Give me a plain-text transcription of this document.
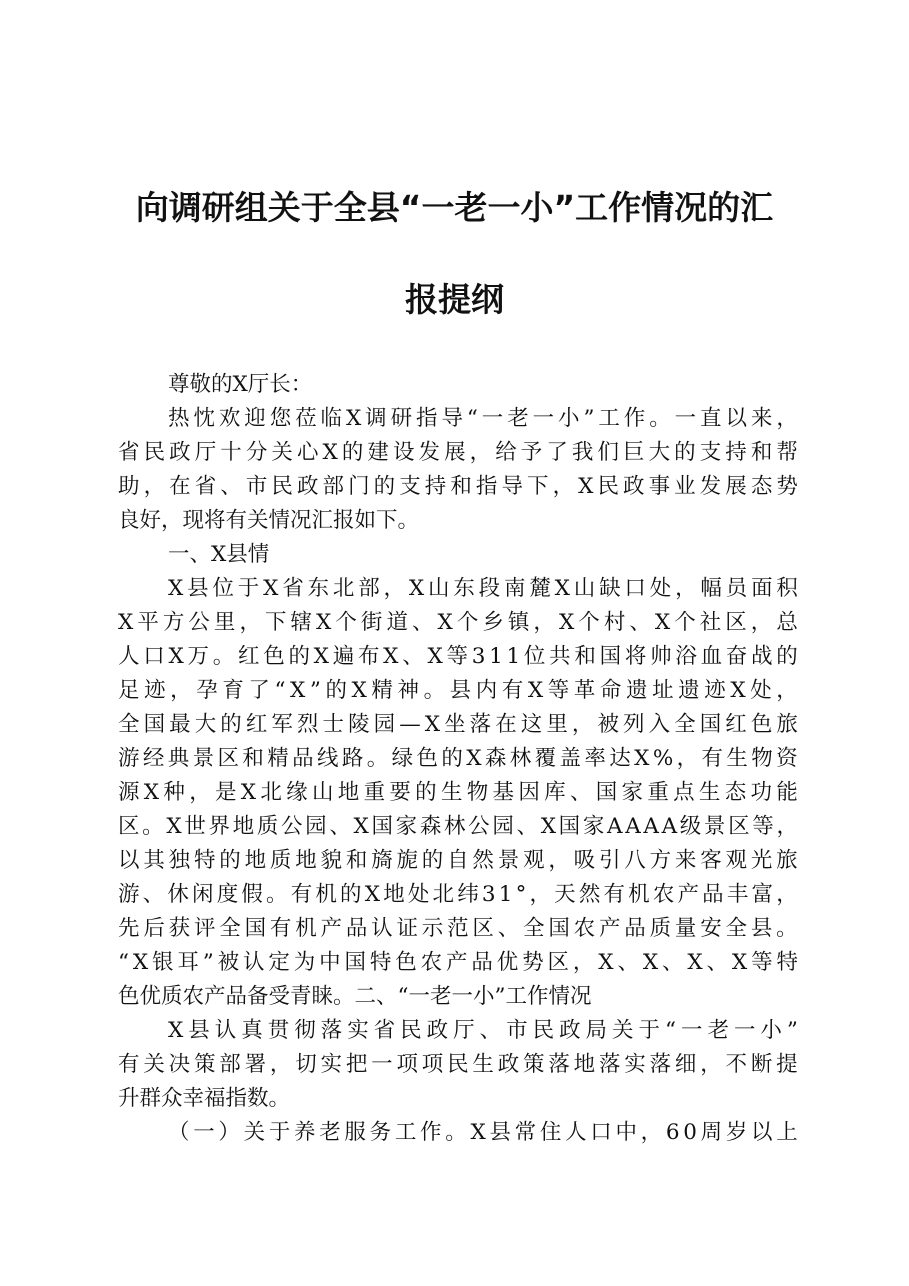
向调研组关于全县“一老一小”工作情况的汇
报提纲
尊敬的X厅长：
热 忱 欢 迎 您 莅 临 X 调 研 指 导 “ 一 老 一 小 ” 工 作 。 一 直 以 来 ，
省 民 政 厅 十 分 关 心 X 的 建 设 发 展 ， 给 予 了 我 们 巨 大 的 支 持 和 帮
助 ， 在 省 、 市 民 政 部 门 的 支 持 和 指 导 下 ， X 民 政 事 业 发 展 态 势
良好，现将有关情况汇报如下。
一、X县情
X 县 位 于 X 省 东 北 部 ， X 山 东 段 南 麓 X 山 缺 口 处 ， 幅 员 面 积
X 平 方 公 里 ， 下 辖 X 个 街 道 、 X 个 乡 镇 ， X 个 村 、 X 个 社 区 ， 总
人 口 X 万 。 红 色 的 X 遍 布 X 、 X 等 3 1 1 位 共 和 国 将 帅 浴 血 奋 战 的
足 迹 ， 孕 育 了 “ X ” 的 X 精 神 。 县 内 有 X 等 革 命 遗 址 遗 迹 X 处 ，
全 国 最 大 的 红 军 烈 士 陵 园 — X 坐 落 在 这 里 ， 被 列 入 全 国 红 色 旅
游 经 典 景 区 和 精 品 线 路 。 绿 色 的 X 森 林 覆 盖 率 达 X % ， 有 生 物 资
源 X 种 ， 是 X 北 缘 山 地 重 要 的 生 物 基 因 库 、 国 家 重 点 生 态 功 能
区 。 X 世 界 地 质 公 园 、 X 国 家 森 林 公 园 、 X 国 家 A A A A 级 景 区 等 ，
以 其 独 特 的 地 质 地 貌 和 旖 旎 的 自 然 景 观 ， 吸 引 八 方 来 客 观 光 旅
游 、 休 闲 度 假 。 有 机 的 X 地 处 北 纬 3 1 ° ， 天 然 有 机 农 产 品 丰 富 ，
先 后 获 评 全 国 有 机 产 品 认 证 示 范 区 、 全 国 农 产 品 质 量 安 全 县 。
“ X 银 耳 ” 被 认 定 为 中 国 特 色 农 产 品 优 势 区 ， X 、 X 、 X 、 X 等 特
色优质农产品备受青睐。二、“一老一小”工作情况
X 县 认 真 贯 彻 落 实 省 民 政 厅 、 市 民 政 局 关 于 “ 一 老 一 小 ”
有 关 决 策 部 署 ， 切 实 把 一 项 项 民 生 政 策 落 地 落 实 落 细 ， 不 断 提
升群众幸福指数。
（ 一 ） 关 于 养 老 服 务 工 作 。 X 县 常 住 人 口 中 ， 6 0 周 岁 以 上
